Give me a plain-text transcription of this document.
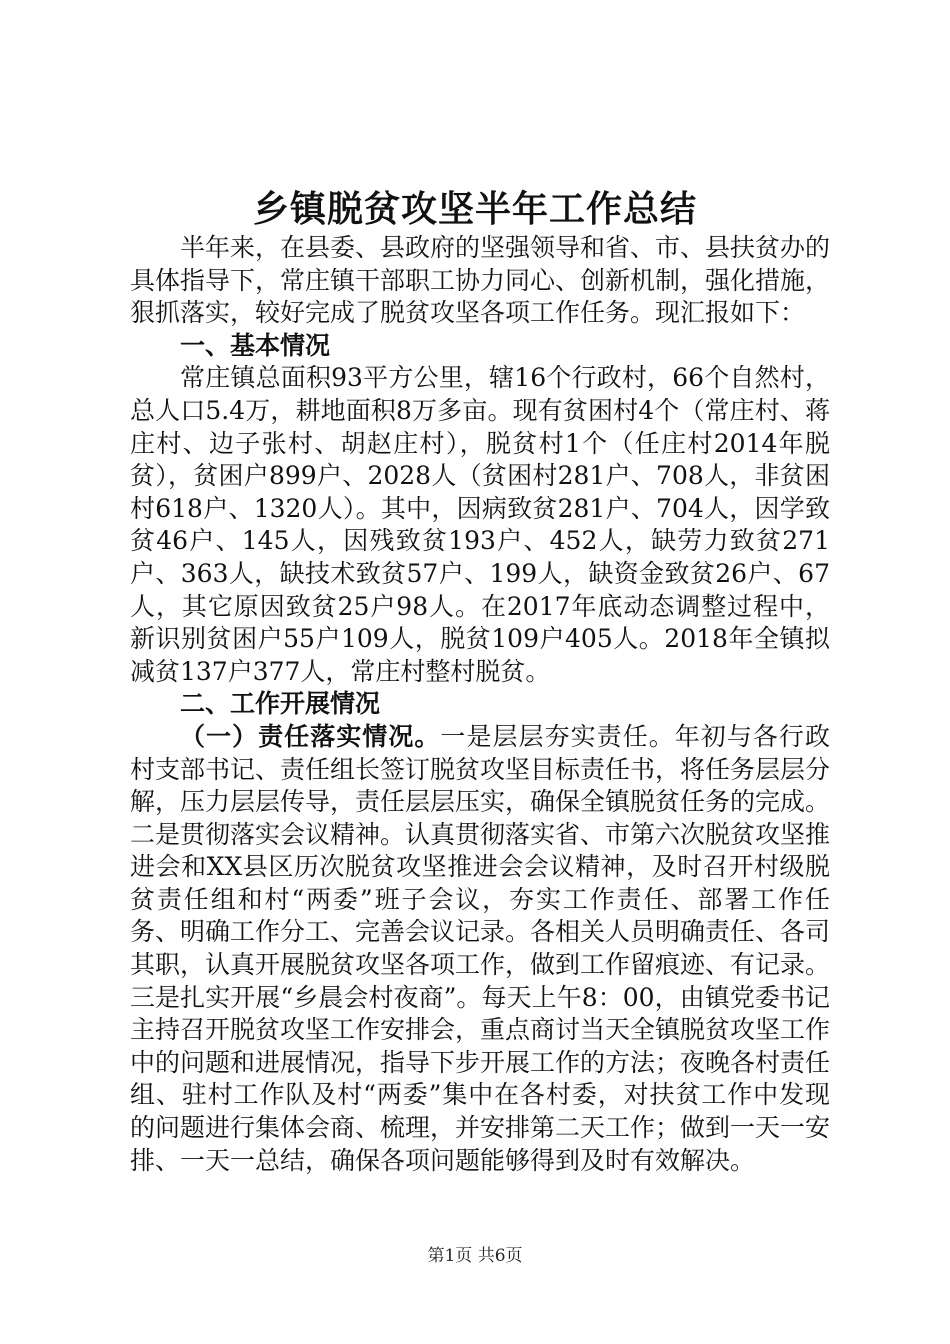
乡镇脱贫攻坚半年工作总结

半年来，在县委、县政府的坚强领导和省、市、县扶贫办的具体指导下，常庄镇干部职工协力同心、创新机制，强化措施，狠抓落实，较好完成了脱贫攻坚各项工作任务。现汇报如下：

一、基本情况

常庄镇总面积93平方公里，辖16个行政村，66个自然村，总人口5.4万，耕地面积8万多亩。现有贫困村4个（常庄村、蒋庄村、边子张村、胡赵庄村），脱贫村1个（任庄村2014年脱贫），贫困户899户、2028人（贫困村281户、708人，非贫困村618户、1320人）。其中，因病致贫281户、704人，因学致贫46户、145人，因残致贫193户、452人，缺劳力致贫271户、363人，缺技术致贫57户、199人，缺资金致贫26户、67人，其它原因致贫25户98人。在2017年底动态调整过程中，新识别贫困户55户109人，脱贫109户405人。2018年全镇拟减贫137户377人，常庄村整村脱贫。

二、工作开展情况

（一）责任落实情况。一是层层夯实责任。年初与各行政村支部书记、责任组长签订脱贫攻坚目标责任书，将任务层层分解，压力层层传导，责任层层压实，确保全镇脱贫任务的完成。二是贯彻落实会议精神。认真贯彻落实省、市第六次脱贫攻坚推进会和XX县区历次脱贫攻坚推进会会议精神，及时召开村级脱贫责任组和村“两委”班子会议，夯实工作责任、部署工作任务、明确工作分工、完善会议记录。各相关人员明确责任、各司其职，认真开展脱贫攻坚各项工作，做到工作留痕迹、有记录。三是扎实开展“乡晨会村夜商”。每天上午8：00，由镇党委书记主持召开脱贫攻坚工作安排会，重点商讨当天全镇脱贫攻坚工作中的问题和进展情况，指导下步开展工作的方法；夜晚各村责任组、驻村工作队及村“两委”集中在各村委，对扶贫工作中发现的问题进行集体会商、梳理，并安排第二天工作；做到一天一安排、一天一总结，确保各项问题能够得到及时有效解决。

第1页 共6页
